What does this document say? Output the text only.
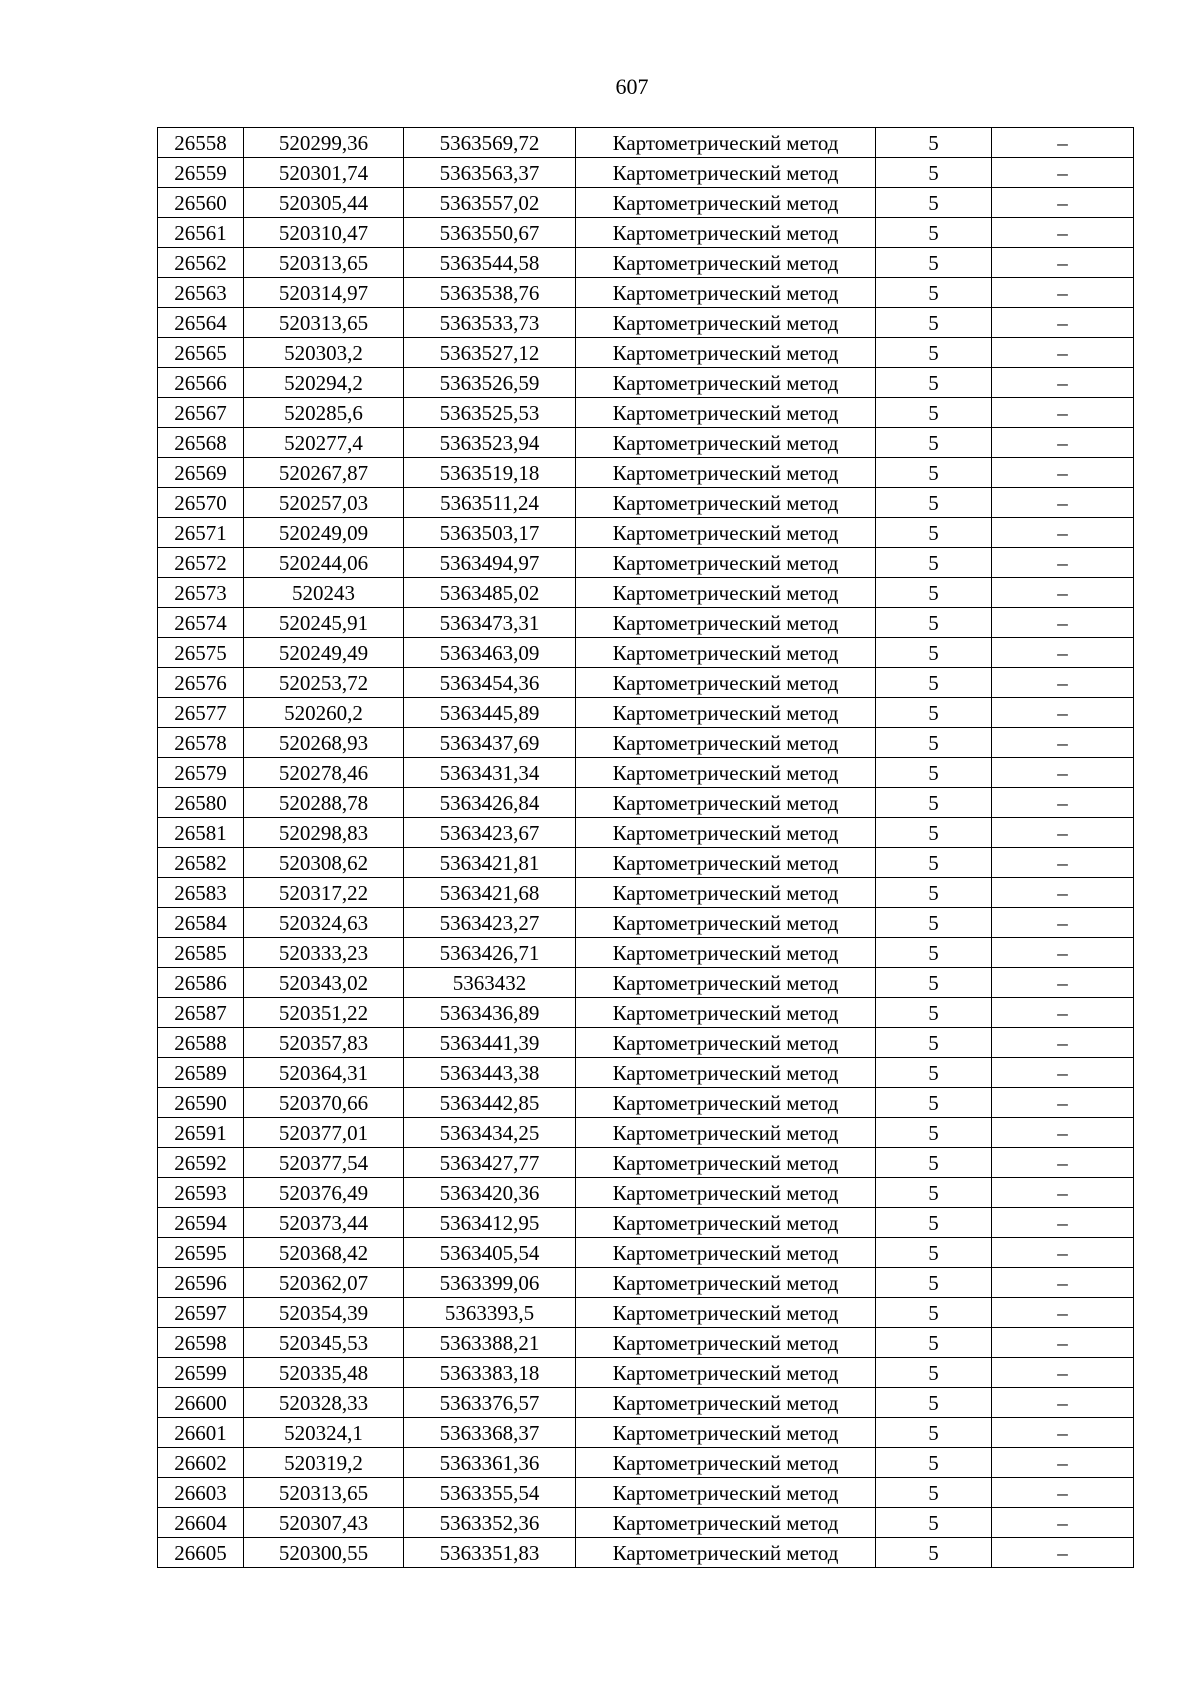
607
26558	520299,36	5363569,72	Картометрический метод	5	–
26559	520301,74	5363563,37	Картометрический метод	5	–
26560	520305,44	5363557,02	Картометрический метод	5	–
26561	520310,47	5363550,67	Картометрический метод	5	–
26562	520313,65	5363544,58	Картометрический метод	5	–
26563	520314,97	5363538,76	Картометрический метод	5	–
26564	520313,65	5363533,73	Картометрический метод	5	–
26565	520303,2	5363527,12	Картометрический метод	5	–
26566	520294,2	5363526,59	Картометрический метод	5	–
26567	520285,6	5363525,53	Картометрический метод	5	–
26568	520277,4	5363523,94	Картометрический метод	5	–
26569	520267,87	5363519,18	Картометрический метод	5	–
26570	520257,03	5363511,24	Картометрический метод	5	–
26571	520249,09	5363503,17	Картометрический метод	5	–
26572	520244,06	5363494,97	Картометрический метод	5	–
26573	520243	5363485,02	Картометрический метод	5	–
26574	520245,91	5363473,31	Картометрический метод	5	–
26575	520249,49	5363463,09	Картометрический метод	5	–
26576	520253,72	5363454,36	Картометрический метод	5	–
26577	520260,2	5363445,89	Картометрический метод	5	–
26578	520268,93	5363437,69	Картометрический метод	5	–
26579	520278,46	5363431,34	Картометрический метод	5	–
26580	520288,78	5363426,84	Картометрический метод	5	–
26581	520298,83	5363423,67	Картометрический метод	5	–
26582	520308,62	5363421,81	Картометрический метод	5	–
26583	520317,22	5363421,68	Картометрический метод	5	–
26584	520324,63	5363423,27	Картометрический метод	5	–
26585	520333,23	5363426,71	Картометрический метод	5	–
26586	520343,02	5363432	Картометрический метод	5	–
26587	520351,22	5363436,89	Картометрический метод	5	–
26588	520357,83	5363441,39	Картометрический метод	5	–
26589	520364,31	5363443,38	Картометрический метод	5	–
26590	520370,66	5363442,85	Картометрический метод	5	–
26591	520377,01	5363434,25	Картометрический метод	5	–
26592	520377,54	5363427,77	Картометрический метод	5	–
26593	520376,49	5363420,36	Картометрический метод	5	–
26594	520373,44	5363412,95	Картометрический метод	5	–
26595	520368,42	5363405,54	Картометрический метод	5	–
26596	520362,07	5363399,06	Картометрический метод	5	–
26597	520354,39	5363393,5	Картометрический метод	5	–
26598	520345,53	5363388,21	Картометрический метод	5	–
26599	520335,48	5363383,18	Картометрический метод	5	–
26600	520328,33	5363376,57	Картометрический метод	5	–
26601	520324,1	5363368,37	Картометрический метод	5	–
26602	520319,2	5363361,36	Картометрический метод	5	–
26603	520313,65	5363355,54	Картометрический метод	5	–
26604	520307,43	5363352,36	Картометрический метод	5	–
26605	520300,55	5363351,83	Картометрический метод	5	–
